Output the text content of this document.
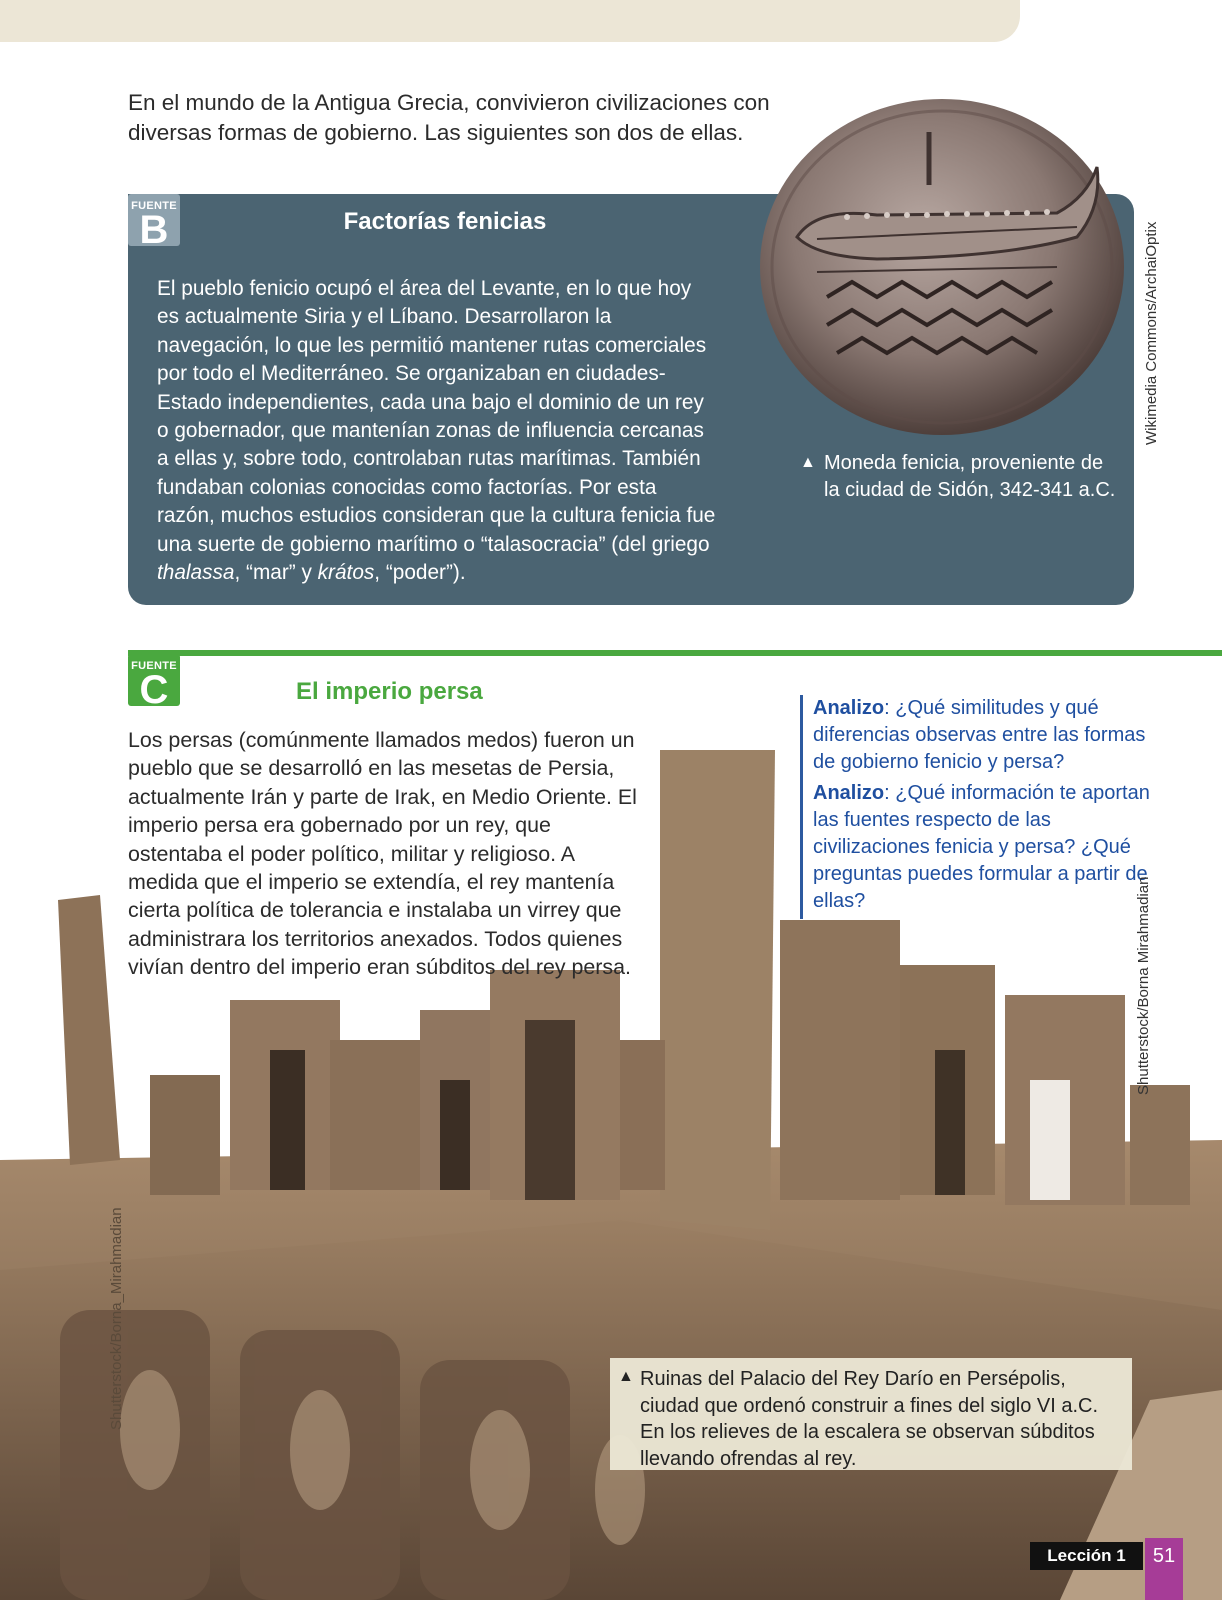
En el mundo de la Antigua Grecia, convivieron civilizaciones con diversas formas de gobierno. Las siguientes son dos de ellas.

FUENTE
B	Factorías fenicias

El pueblo fenicio ocupó el área del Levante, en lo que hoy es actualmente Siria y el Líbano. Desarrollaron la navegación, lo que les permitió mantener rutas comerciales por todo el Mediterráneo. Se organizaban en ciudades-Estado independientes, cada una bajo el dominio de un rey o gobernador, que mantenían zonas de influencia cercanas a ellas y, sobre todo, controlaban rutas marítimas. También fundaban colonias conocidas como factorías. Por esta razón, muchos estudios consideran que la cultura fenicia fue una suerte de gobierno marítimo o “talasocracia” (del griego thalassa, “mar” y krátos, “poder”).

▲ Moneda fenicia, proveniente de la ciudad de Sidón, 342-341 a.C.
Wikimedia Commons/ArchaiOptix
FUENTE
C	El imperio persa

Los persas (comúnmente llamados medos) fueron un pueblo que se desarrolló en las mesetas de Persia, actualmente Irán y parte de Irak, en Medio Oriente. El imperio persa era gobernado por un rey, que ostentaba el poder político, militar y religioso. A medida que el imperio se extendía, el rey mantenía cierta política de tolerancia e instalaba un virrey que administrara los territorios anexados. Todos quienes vivían dentro del imperio eran súbditos del rey persa.

Analizo: ¿Qué similitudes y qué diferencias observas entre las formas de gobierno fenicio y persa?

Analizo: ¿Qué información te aportan las fuentes respecto de las civilizaciones fenicia y persa? ¿Qué preguntas puedes formular a partir de ellas?	Shutterstock/Borna Mirahmadian
Shutterstock/Borna_Mirahmadian	▲ Ruinas del Palacio del Rey Darío en Persépolis, ciudad que ordenó construir a fines del siglo VI a.C. En los relieves de la escalera se observan súbditos llevando ofrendas al rey.
Lección 1	51
